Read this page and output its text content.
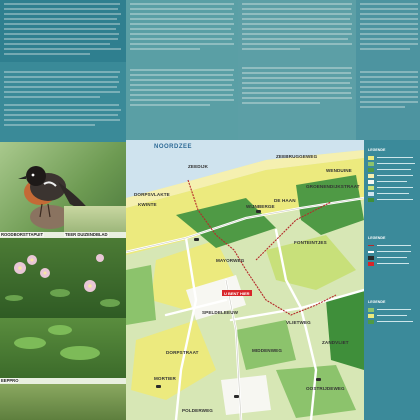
ROODBORSTTAPUIT	TEER DUIZENDBLAD
EEPPRO
NOORDZEE
ZEEDIJK
ZEEBRUGGEWEG
DORPSVLAKTE
KWINTE
WENDUINE
GROENENDIJKSTRAAT
DE HAAN
WIJNBERGE
FONTEINTJES
MAYORWEG
SPELDELEEUW
VLIETWEG
DORPSTRAAT
MORTIER
MIDDENWEG
ZANDVLIET
OOSTRIJDEWEG
POLDERWEG
U BENT HIER
LEGENDE
LEGENDE
LEGENDE
